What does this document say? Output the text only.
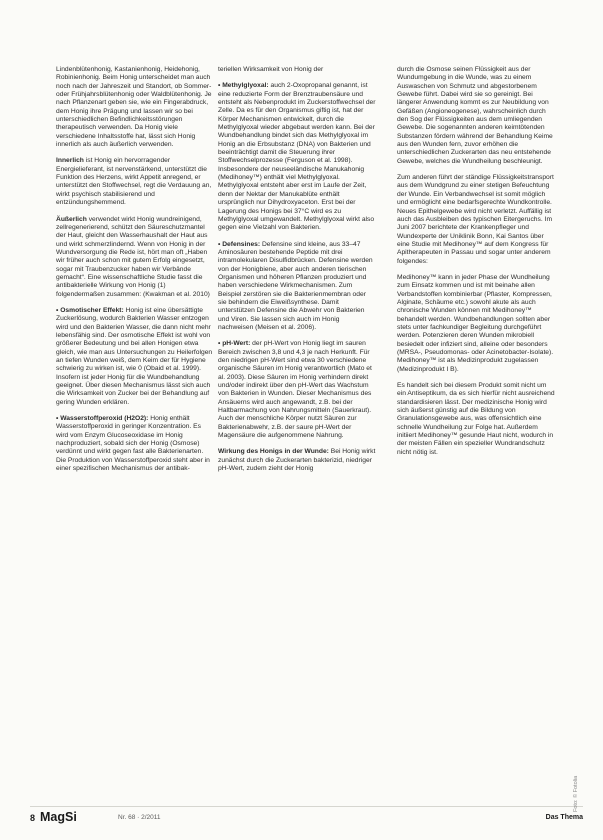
Lindenblütenhonig, Kastanienhonig, Heidehonig, Robinienhonig. Beim Honig unterscheidet man auch noch nach der Jahreszeit und Standort, ob Sommer- oder Frühjahrsblütenhonig oder Waldblütenhonig. Je nach Pflanzenart geben sie, wie ein Fingerabdruck, dem Honig ihre Prägung und lassen wir so bei unterschiedlichen Befindlichkeitsstörungen therapeutisch verwenden. Da Honig viele verschiedene Inhaltsstoffe hat, lässt sich Honig innerlich als auch äußerlich verwenden.

Innerlich ist Honig ein hervorragender Energielieferant, ist nervenstärkend, unterstützt die Funktion des Herzens, wirkt Appetit anregend, er unterstützt den Stoffwechsel, regt die Verdauung an, wirkt psychisch stabilisierend und entzündungshemmend.

Äußerlich verwendet wirkt Honig wundreinigend, zellregenerierend, schützt den Säureschutzmantel der Haut, gleicht den Wasserhaushalt der Haut aus und wirkt schmerzlindernd. Wenn von Honig in der Wundversorgung die Rede ist, hört man oft „Haben wir früher auch schon mit gutem Erfolg eingesetzt, sogar mit Traubenzucker haben wir Verbände gemacht“. Eine wissenschaftliche Studie fasst die antibakterielle Wirkung von Honig (1) folgendermaßen zusammen: (Kwakman et al. 2010)

• Osmotischer Effekt: Honig ist eine übersättigte Zuckerlösung, wodurch Bakterien Wasser entzogen wird und den Bakterien Wasser, die dann nicht mehr lebensfähig sind. Der osmotische Effekt ist wohl von größerer Bedeutung und bei allen Honigen etwa gleich, wie man aus Untersuchungen zu Heilerfolgen an tiefen Wunden weiß, dem Keim der für Hygiene schwierig zu wirken ist, wie 0 (Obaid et al. 1999). Insofern ist jeder Honig für die Wundbehandlung geeignet. Über diesen Mechanismus lässt sich auch die Wirksamkeit von Zucker bei der Behandlung auf gering Wunden erklären.

• Wasserstoffperoxid (H2O2): Honig enthält Wasserstoffperoxid in geringer Konzentration. Es wird vom Enzym Glucoseoxidase im Honig nachproduziert, sobald sich der Honig (Osmose) verdünnt und wirkt gegen fast alle Bakterienarten. Die Produktion von Wasserstoffperoxid steht aber in einer spezifischen Mechanismus der antibak-

teriellen Wirksamkeit von Honig der

• Methylglyoxal: auch 2-Oxopropanal genannt, ist eine reduzierte Form der Brenztraubensäure und entsteht als Nebenprodukt im Zuckerstoffwechsel der Zelle. Da es für den Organismus giftig ist, hat der Körper Mechanismen entwickelt, durch die Methylglyoxal wieder abgebaut werden kann. Bei der Wundbehandlung bindet sich das Methylglyoxal im Honig an die Erbsubstanz (DNA) von Bakterien und beeinträchtigt damit die Steuerung ihrer Stoffwechselprozesse (Ferguson et al. 1998). Insbesondere der neuseeländische Manukahonig (Medihoney™) enthält viel Methylglyoxal. Methylglyoxal entsteht aber erst im Laufe der Zeit, denn der Nektar der Manukablüte enthält ursprünglich nur Dihydroxyaceton. Erst bei der Lagerung des Honigs bei 37°C wird es zu Methylglyoxal umgewandelt. Methylglyoxal wirkt also gegen eine Vielzahl von Bakterien.

• Defensines: Defensine sind kleine, aus 33–47 Aminosäuren bestehende Peptide mit drei intramolekularen Disulfidbrücken. Defensine werden von der Honigbiene, aber auch anderen tierischen Organismen und höheren Pflanzen produziert und haben verschiedene Wirkmechanismen. Zum Beispiel zerstören sie die Bakterienmembran oder sie behindern die Eiweißsynthese. Damit unterstützen Defensine die Abwehr von Bakterien und Viren. Sie lassen sich auch im Honig nachweisen (Meisen et al. 2006).

• pH-Wert: der pH-Wert von Honig liegt im sauren Bereich zwischen 3,8 und 4,3 je nach Herkunft. Für den niedrigen pH-Wert sind etwa 30 verschiedene organische Säuren im Honig verantwortlich (Mato et al. 2003). Diese Säuren im Honig verhindern direkt und/oder indirekt über den pH-Wert das Wachstum von Bakterien in Wunden. Dieser Mechanismus des Ansäuerns wird auch angewandt, z.B. bei der Haltbarmachung von Nahrungsmitteln (Sauerkraut). Auch der menschliche Körper nutzt Säuren zur Bakterienabwehr, z.B. der saure pH-Wert der Magensäure die aufgenommene Nahrung.

Wirkung des Honigs in der Wunde: Bei Honig wirkt zunächst durch die Zuckerarten bakterizid, niedriger pH-Wert, zudem zieht der Honig

durch die Osmose seinen Flüssigkeit aus der Wundumgebung in die Wunde, was zu einem Auswaschen von Schmutz und abgestorbenem Gewebe führt. Dabei wird sie so gereinigt. Bei längerer Anwendung kommt es zur Neubildung von Gefäßen (Angioneogenese), wahrscheinlich durch den Sog der Flüssigkeiten aus dem umliegenden Gewebe. Die sogenannten anderen keimtötenden Substanzen fördern während der Behandlung Keime aus den Wunden fern, zuvor erhöhen die unterschiedlichen Zuckerarten das neu entstehende Gewebe, welches die Wundheilung beschleunigt.

Zum anderen führt der ständige Flüssigkeitstransport aus dem Wundgrund zu einer stetigen Befeuchtung der Wunde. Ein Verbandwechsel ist somit möglich und ermöglicht eine bedarfsgerechte Wundkontrolle. Neues Epithelgewebe wird nicht verletzt. Auffällig ist auch das Ausbleiben des typischen Eitergeruchs. Im Juni 2007 berichtete der Krankenpfleger und Wundexperte der Uniklinik Bonn, Kai Santos über eine Studie mit Medihoney™ auf dem Kongress für Apitherapeuten in Passau und sogar unter anderem folgendes:

Medihoney™ kann in jeder Phase der Wundheilung zum Einsatz kommen und ist mit beinahe allen Verbandstoffen kombinierbar (Pflaster, Kompressen, Alginate, Schäume etc.) sowohl akute als auch chronische Wunden können mit Medihoney™ behandelt werden. Wundbehandlungen sollten aber stets unter fachkundiger Begleitung durchgeführt werden. Potenzieren deren Wunden mikrobiell besiedelt oder infiziert sind, alleine oder besonders (MRSA-, Pseudomonas- oder Acinetobacter-Isolate). Medihoney™ ist als Medizinprodukt zugelassen (Medizinprodukt I B).

Es handelt sich bei diesem Produkt somit nicht um ein Antiseptikum, da es sich hierfür nicht ausreichend standardisieren lässt. Der medizinische Honig wird sich äußerst günstig auf die Bildung von Granulationsgewebe aus, was offensichtlich eine schnelle Wundheilung zur Folge hat. Außerdem initiiert Medihoney™ gesunde Haut nicht, wodurch in der meisten Fällen ein spezieller Wundrandschutz nicht nötig ist.

8 MagSi	Nr. 68 · 2/2011	Das Thema
Foto: © Fotolia
